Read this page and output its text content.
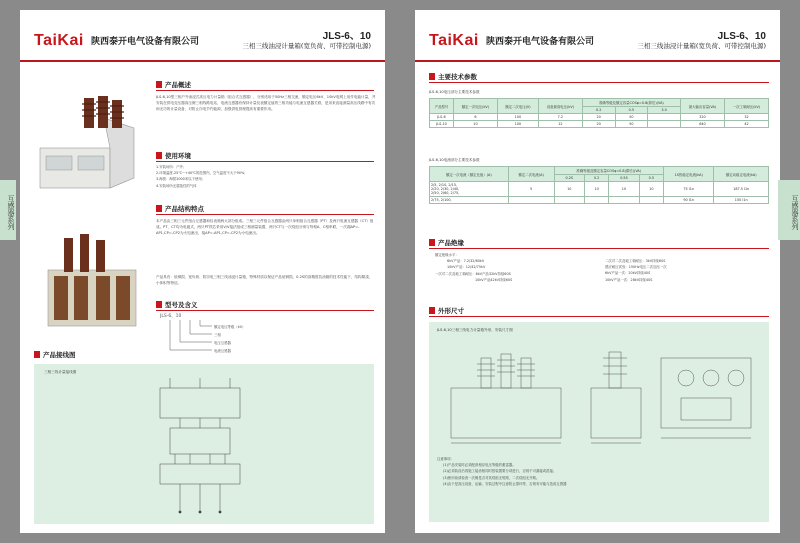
TaiKai 陕西泰开电气设备有限公司	JLS-6、10
三相三线油浸计量箱(宽负荷、可带控制电源)
产品概述
JLS-6,10型三相户外油浸式高压电力计量箱（组合式互感器），分别适用于50Hz三相交流，额定电压6kV、10kV电网上用作电能计量，并安装在供电变压器高压侧三相线路电站，电流互感器有保持计量仪表额定值的三相功能与电流互感器关联，是用来直接测量高压线路中有功和无功的计量设备，对防止窃电节约能源，加强供电管理提高有重要作用。
使用环境
1.安装场所：户外；
2.环境温度-25℃~+40℃的范围内，空气温度不大于90%；
3.海拔：海拔2000米以下使用；
4.安装场所无腐蚀性的气体
产品结构特点
本产品由三相三元件组合互感器和仪表箱两大部分组成。三相三元件组合互感器由两只单相组合互感器（PT）及两只电流互感器（CT）组成。PT、CT均为电磁式，两只PT铁芯采用V/V接法组成三相测量装置，两只CT与一次绕组分别与每相A、C相串联，一次端AP=-AP1,CP=-CP2为火电流出，接AP=-AP1,CP=-CP2为小电流出。
产品具有：低铜损、宽负荷、防窃电三相三线油浸计量箱，特殊材质以保证产品低铜损，0.2S的高精度抗油箱的技术性能下，结构紧凑，小体积等特征。
型号及含义
JLS-6、10
额定电压等级（kV）
三相
电压互感器
电流互感器
产品接线图
三相三线计量接线图
互感器系列
TaiKai 陕西泰开电气设备有限公司	JLS-6、10
三相三线油浸计量箱(宽负荷、可带控制电源)
主要技术参数
JLS-6,10电压部分主要技术参数
产品型号	额定一次电压(kV)	额定二次电压(V)	设备最高电压(kV)	准确等级及额定容量COSφ=0.8(滞后)(VA)			最大输出容量(VA)	一次工频耐压(kV)
				0.2	0.5	3.0		
JLS-6	6	100	7.2	20	50		320	32
JLS-10	10	100	12	20	50		640	42
JLS-6,10电流部分主要技术参数
额定一次电流（额定比值）(A)	额定二次电流(A)	准确等级及额定容量COSφ=0.8(滞后)(VA)				1S热稳定电流(kA)	额定动稳定电流(kA)
		0.2S	0.2	0.5S	0.5		

2/5, 2/10, 2/15,
2/20, 2/30, 2/40,
2/50, 2/60, 2/75,	5	10	10	10	10	75 I1n	187.5 I1n
2/75, 2/100,						90 I1n	150 I1n
产品绝缘
额定绝缘水平：
6kV产品：7.2/32/60kV
10kV产品：12/42/75kV
一次对二次及地工频耐压：6kV产品32kV持续60S
10kV产品42kV持续60S
二次对二次及地工频耐压：3kV持续60S
感应耐压试验：150Hz电压二次加压一次
6kV产品一次：20kV持续40S
10kV产品一次：28kV持续40S
外形尺寸
JLS-6,10三相三线电力计量箱外形、安装尺寸图
注意事项：
(1)产品安装时必须配套相应电压等级的避雷器。
(2)必须装设后再施工接油相同时按装置要分项进行，否则不可漏接或混接。
(3)使用前请检查一次侧是否对其绕组无短路，二次绕组无开路。
(4)由于是高压设备，运输、安装过程中注意防止损坏等，否则有可能与造成互感器
互感器系列
